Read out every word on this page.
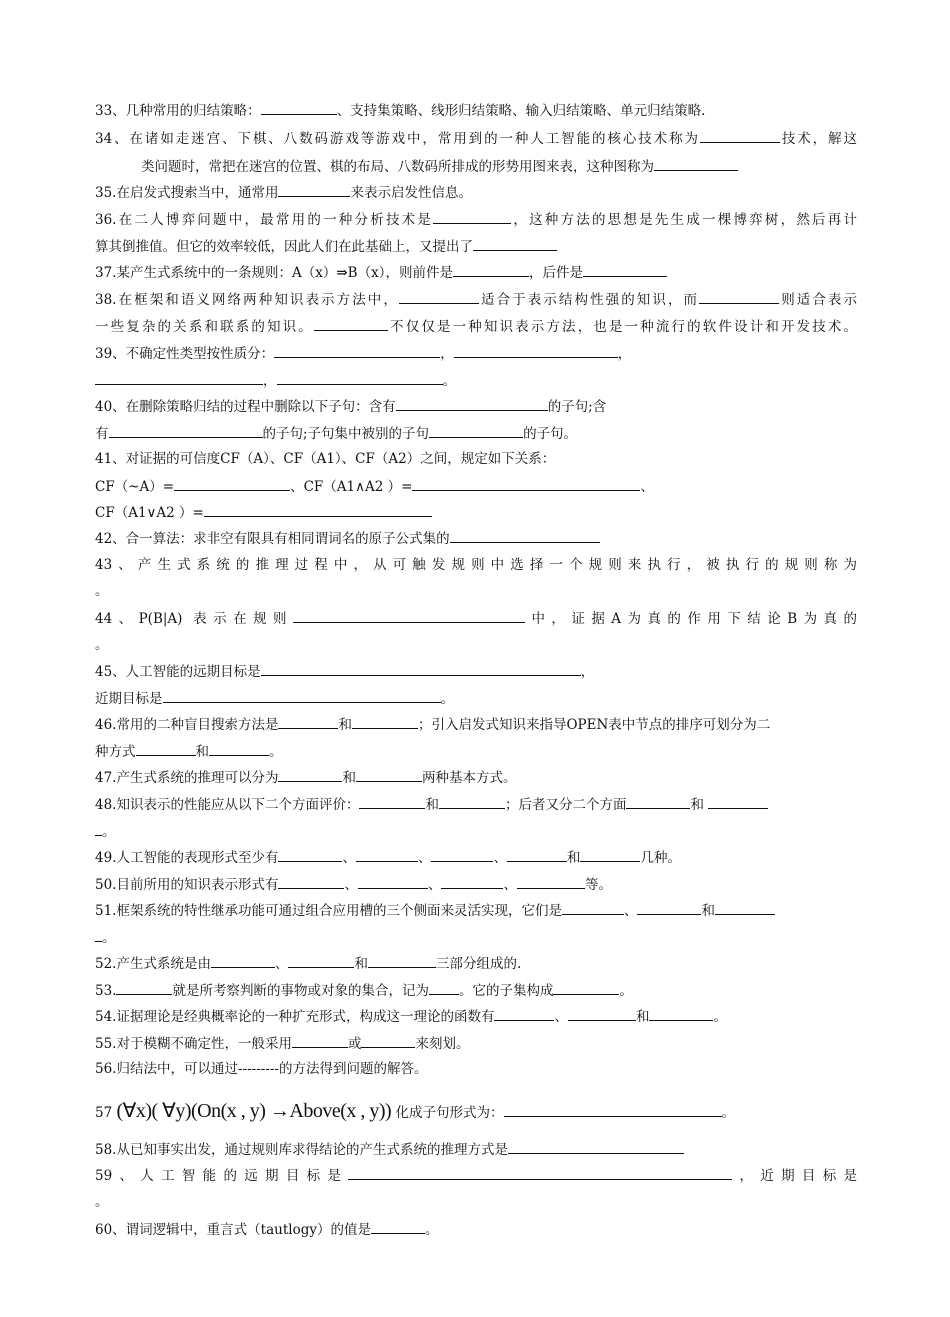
33、几种常用的归结策略：	、支持集策略、线形归结策略、输入归结策略、单元归结策略.
34、在诸如走迷宫、下棋、八数码游戏等游戏中，常用到的一种人工智能的核心技术称为	技术，解这
类问题时，常把在迷宫的位置、棋的布局、八数码所排成的形势用图来表，这种图称为
35.在启发式搜索当中，通常用	来表示启发性信息。
36.在二人博弈问题中，最常用的一种分析技术是	，这种方法的思想是先生成一棵博弈树，然后再计
算其倒推值。但它的效率较低，因此人们在此基础上，又提出了
37.某产生式系统中的一条规则：A（x）⇒B（x），则前件是	，后件是
38.在框架和语义网络两种知识表示方法中，	适合于表示结构性强的知识，而	则适合表示
一些复杂的关系和联系的知识。	不仅仅是一种知识表示方法，也是一种流行的软件设计和开发技术。
39、不确定性类型按性质分：	，	，
，	。
40、在删除策略归结的过程中删除以下子句：含有	的子句;含
有	的子句;子句集中被别的子句	的子句。
41、对证据的可信度CF（A）、CF（A1）、CF（A2）之间，规定如下关系：
CF（~A）=	、CF（A1∧A2 ）=	、
CF（A1∨A2 ）=
42、合一算法：求非空有限具有相同谓词名的原子公式集的
43、产生式系统的推理过程中，从可触发规则中选择一个规则来执行，被执行的规则称为
。
44、P(B|A) 表示在规则	中，证据A为真的作用下结论B为真的
。
45、人工智能的远期目标是	，
近期目标是	。
46.常用的二种盲目搜索方法是	和	；引入启发式知识来指导OPEN表中节点的排序可划分为二
种方式	和	。
47.产生式系统的推理可以分为	和	两种基本方式。
48.知识表示的性能应从以下二个方面评价：	和	；后者又分二个方面	和
。
49.人工智能的表现形式至少有	、	、	、	和	几种。
50.目前所用的知识表示形式有	、	、	、	等。
51.框架系统的特性继承功能可通过组合应用槽的三个侧面来灵活实现，它们是	、	和
。
52.产生式系统是由	、	和	三部分组成的.
53.	就是所考察判断的事物或对象的集合，记为 。它的子集构成	。
54.证据理论是经典概率论的一种扩充形式，构成这一理论的函数有	、	和	。
55.对于模糊不确定性，一般采用	或	来刻划。
56.归结法中，可以通过---------的方法得到问题的解答。
57 (∀x)( ∀y)(On(x , y) →Above(x , y)) 化成子句形式为：	。
58.从已知事实出发，通过规则库求得结论的产生式系统的推理方式是
59、人工智能的远期目标是	，近期目标是
。
60、谓词逻辑中，重言式（tautlogy）的值是	。
